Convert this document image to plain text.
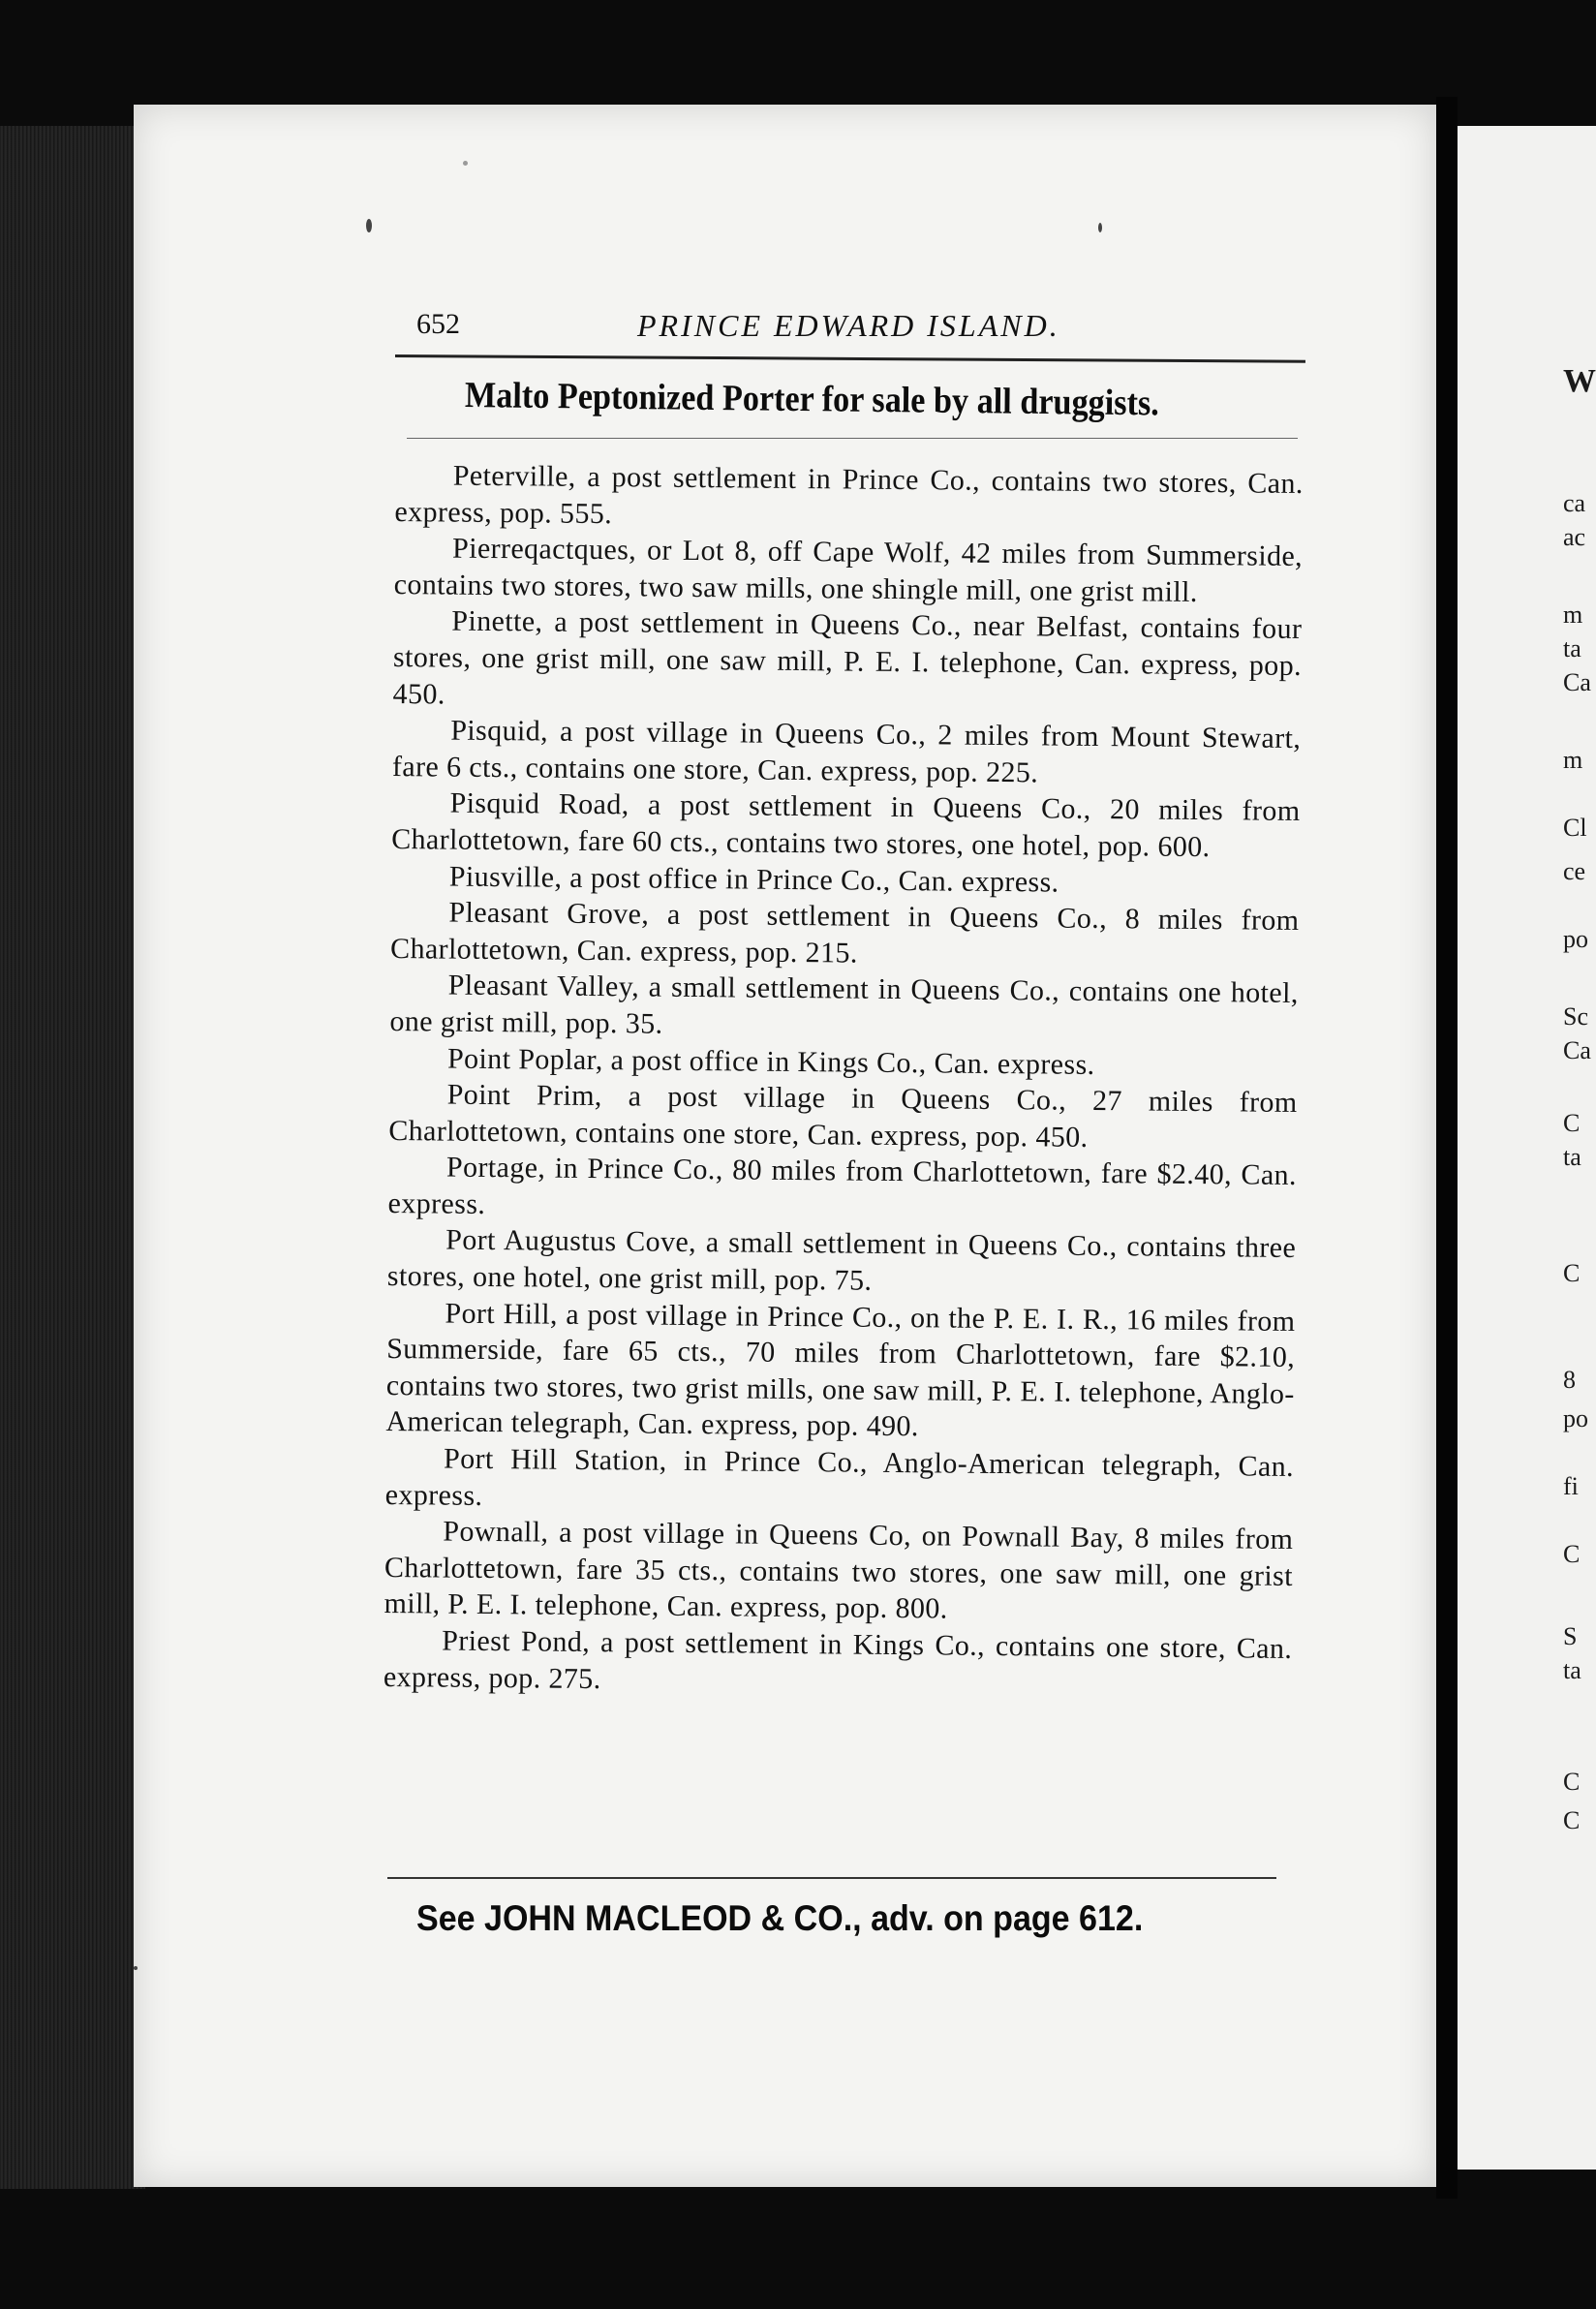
W
ca
ac
m
ta
Ca
m
Cl
ce
po
Sc
Ca
C
ta
C
8
po
fi
C
S
ta
C
C
652	PRINCE EDWARD ISLAND.
Malto Peptonized Porter for sale by all druggists.

Peterville, a post settlement in Prince Co., contains two stores, Can. express, pop. 555.

Pierreqactques, or Lot 8, off Cape Wolf, 42 miles from Summerside, contains two stores, two saw mills, one shingle mill, one grist mill.

Pinette, a post settlement in Queens Co., near Belfast, contains four stores, one grist mill, one saw mill, P. E. I. telephone, Can. express, pop. 450.

Pisquid, a post village in Queens Co., 2 miles from Mount Stewart, fare 6 cts., contains one store, Can. express, pop. 225.

Pisquid Road, a post settlement in Queens Co., 20 miles from Charlottetown, fare 60 cts., contains two stores, one hotel, pop. 600.

Piusville, a post office in Prince Co., Can. express.

Pleasant Grove, a post settlement in Queens Co., 8 miles from Charlottetown, Can. express, pop. 215.

Pleasant Valley, a small settlement in Queens Co., contains one hotel, one grist mill, pop. 35.

Point Poplar, a post office in Kings Co., Can. express.

Point Prim, a post village in Queens Co., 27 miles from Charlottetown, contains one store, Can. express, pop. 450.

Portage, in Prince Co., 80 miles from Charlottetown, fare $2.40, Can. express.

Port Augustus Cove, a small settlement in Queens Co., contains three stores, one hotel, one grist mill, pop. 75.

Port Hill, a post village in Prince Co., on the P. E. I. R., 16 miles from Summerside, fare 65 cts., 70 miles from Charlottetown, fare $2.10, contains two stores, two grist mills, one saw mill, P. E. I. telephone, Anglo-American telegraph, Can. express, pop. 490.

Port Hill Station, in Prince Co., Anglo-American telegraph, Can. express.

Pownall, a post village in Queens Co, on Pownall Bay, 8 miles from Charlottetown, fare 35 cts., contains two stores, one saw mill, one grist mill, P. E. I. telephone, Can. express, pop. 800.

Priest Pond, a post settlement in Kings Co., contains one store, Can. express, pop. 275.

See JOHN MACLEOD & CO., adv. on page 612.
